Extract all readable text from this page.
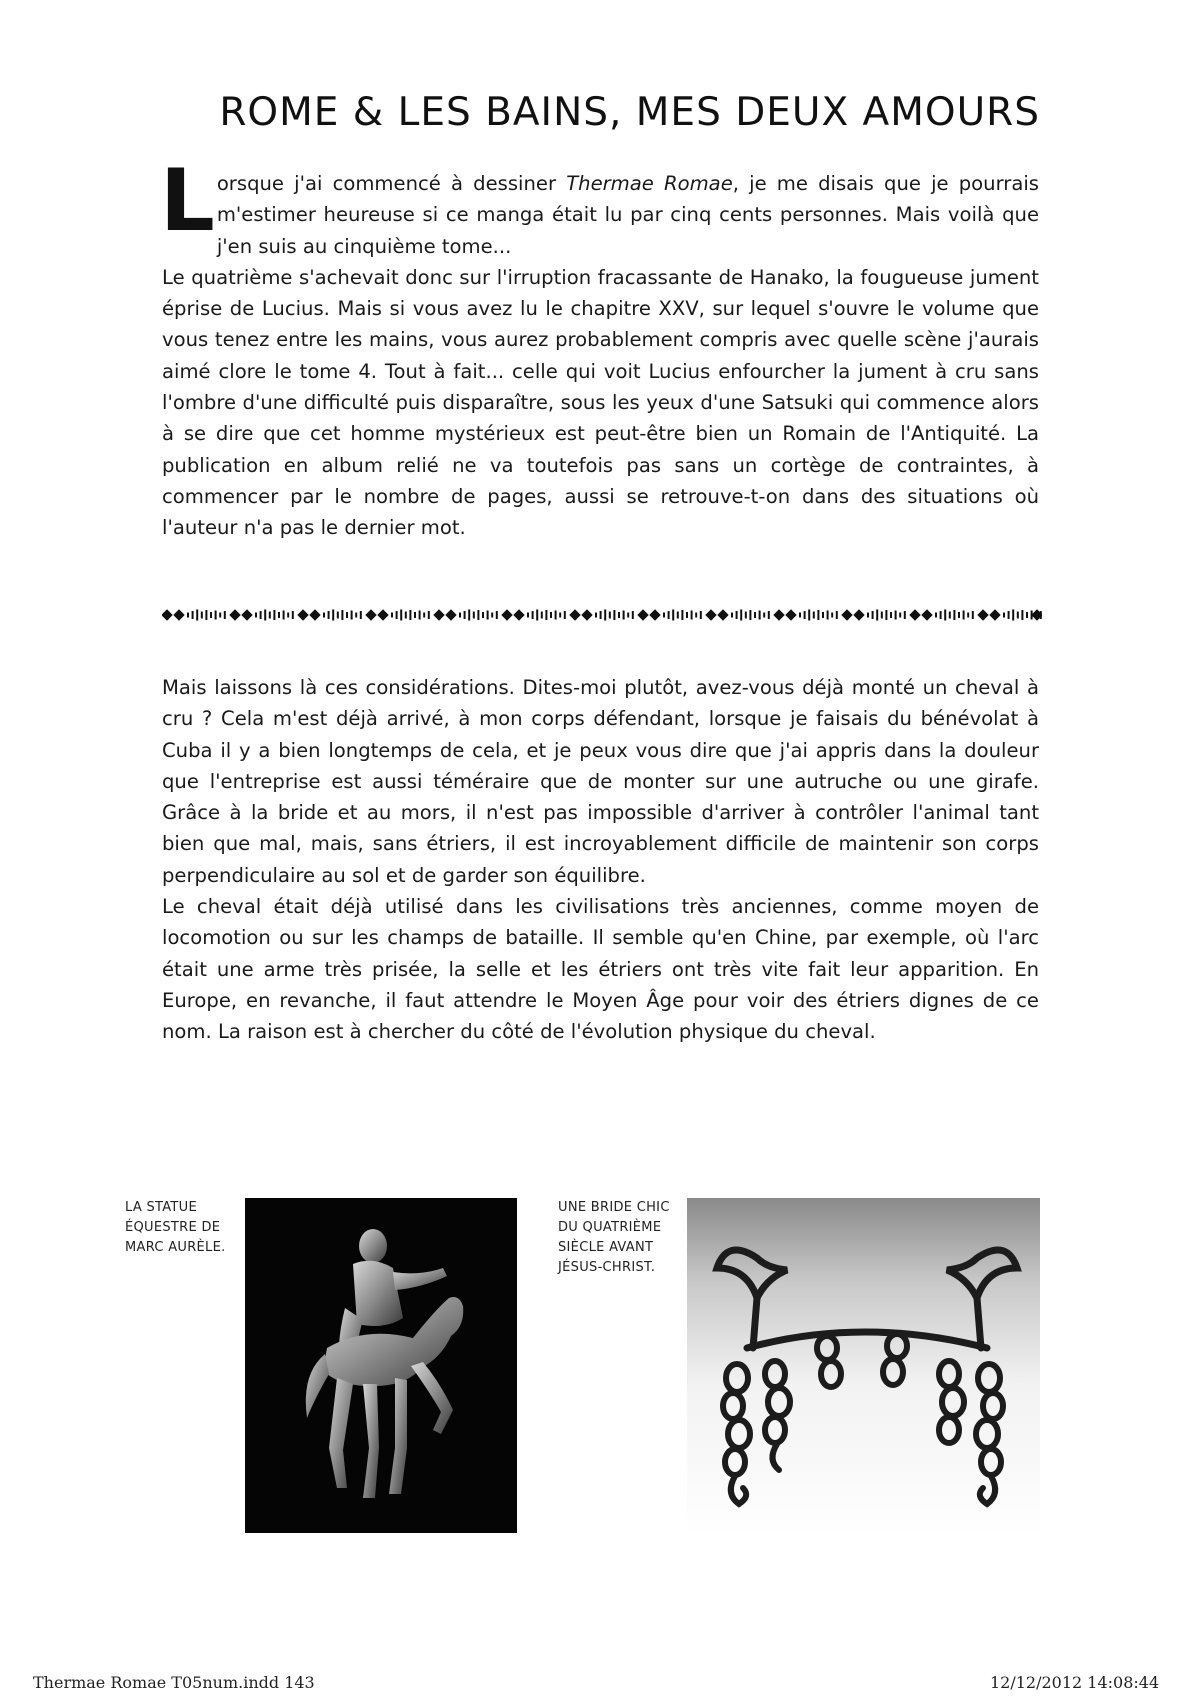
ROME & LES BAINS, MES DEUX AMOURS

Lorsque j'ai commencé à dessiner Thermae Romae, je me disais que je pourrais m'estimer heureuse si ce manga était lu par cinq cents personnes. Mais voilà que j'en suis au cinquième tome...

Le quatrième s'achevait donc sur l'irruption fracassante de Hanako, la fougueuse jument éprise de Lucius. Mais si vous avez lu le chapitre XXV, sur lequel s'ouvre le volume que vous tenez entre les mains, vous aurez probablement compris avec quelle scène j'aurais aimé clore le tome 4. Tout à fait... celle qui voit Lucius enfourcher la jument à cru sans l'ombre d'une difficulté puis disparaître, sous les yeux d'une Satsuki qui commence alors à se dire que cet homme mystérieux est peut-être bien un Romain de l'Antiquité. La publication en album relié ne va toutefois pas sans un cortège de contraintes, à commencer par le nombre de pages, aussi se retrouve-t-on dans des situations où l'auteur n'a pas le dernier mot.

Mais laissons là ces considérations. Dites-moi plutôt, avez-vous déjà monté un cheval à cru ? Cela m'est déjà arrivé, à mon corps défendant, lorsque je faisais du bénévolat à Cuba il y a bien longtemps de cela, et je peux vous dire que j'ai appris dans la douleur que l'entreprise est aussi téméraire que de monter sur une autruche ou une girafe. Grâce à la bride et au mors, il n'est pas impossible d'arriver à contrôler l'animal tant bien que mal, mais, sans étriers, il est incroyablement difficile de maintenir son corps perpendiculaire au sol et de garder son équilibre.

Le cheval était déjà utilisé dans les civilisations très anciennes, comme moyen de locomotion ou sur les champs de bataille. Il semble qu'en Chine, par exemple, où l'arc était une arme très prisée, la selle et les étriers ont très vite fait leur apparition. En Europe, en revanche, il faut attendre le Moyen Âge pour voir des étriers dignes de ce nom. La raison est à chercher du côté de l'évolution physique du cheval.

LA STATUE
ÉQUESTRE DE
MARC AURÈLE.

UNE BRIDE CHIC
DU QUATRIÈME
SIÈCLE AVANT
JÉSUS-CHRIST.

Thermae Romae T05num.indd 143	12/12/2012 14:08:44
